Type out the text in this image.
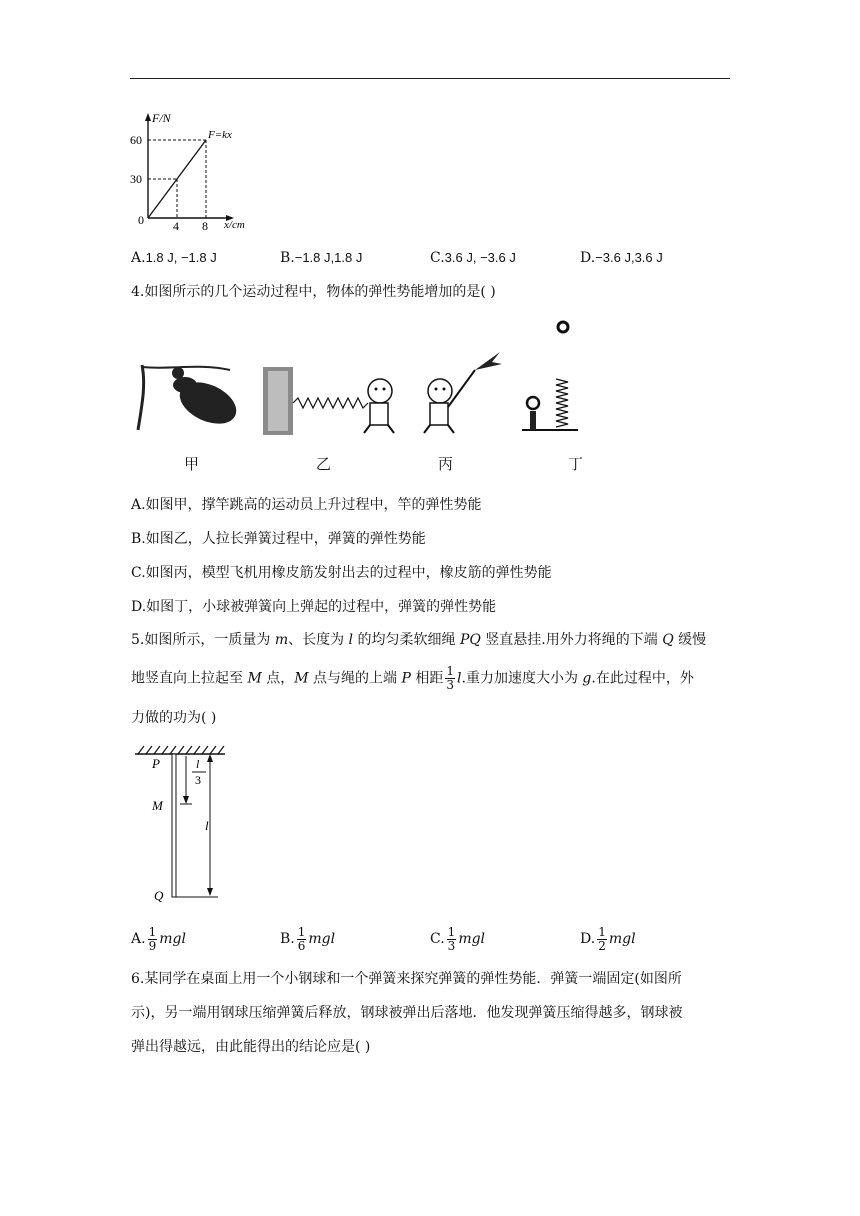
F/N
F=kx
60
30
0 4 8 x/cm
A.1.8 J, −1.8 J	B.−1.8 J,1.8 J	C.3.6 J, −3.6 J	D.−3.6 J,3.6 J
4.如图所示的几个运动过程中，物体的弹性势能增加的是( )
甲	乙	丙	丁
A.如图甲，撑竿跳高的运动员上升过程中，竿的弹性势能
B.如图乙，人拉长弹簧过程中，弹簧的弹性势能
C.如图丙，模型飞机用橡皮筋发射出去的过程中，橡皮筋的弹性势能
D.如图丁，小球被弹簧向上弹起的过程中，弹簧的弹性势能
5.如图所示，一质量为 m、长度为 l 的均匀柔软细绳 PQ 竖直悬挂.用外力将绳的下端 Q 缓慢
地竖直向上拉起至 M 点，M 点与绳的上端 P 相距 $\frac{1}{3} l$.重力加速度大小为 g.在此过程中，外
力做的功为( )
P
M
Q
l
3
l
A. $\frac{1}{9}$ mgl	B. $\frac{1}{6}$ mgl	C. $\frac{1}{3}$ mgl	D. $\frac{1}{2}$ mgl
6.某同学在桌面上用一个小钢球和一个弹簧来探究弹簧的弹性势能．弹簧一端固定(如图所
示)，另一端用钢球压缩弹簧后释放，钢球被弹出后落地．他发现弹簧压缩得越多，钢球被
弹出得越远，由此能得出的结论应是( )
